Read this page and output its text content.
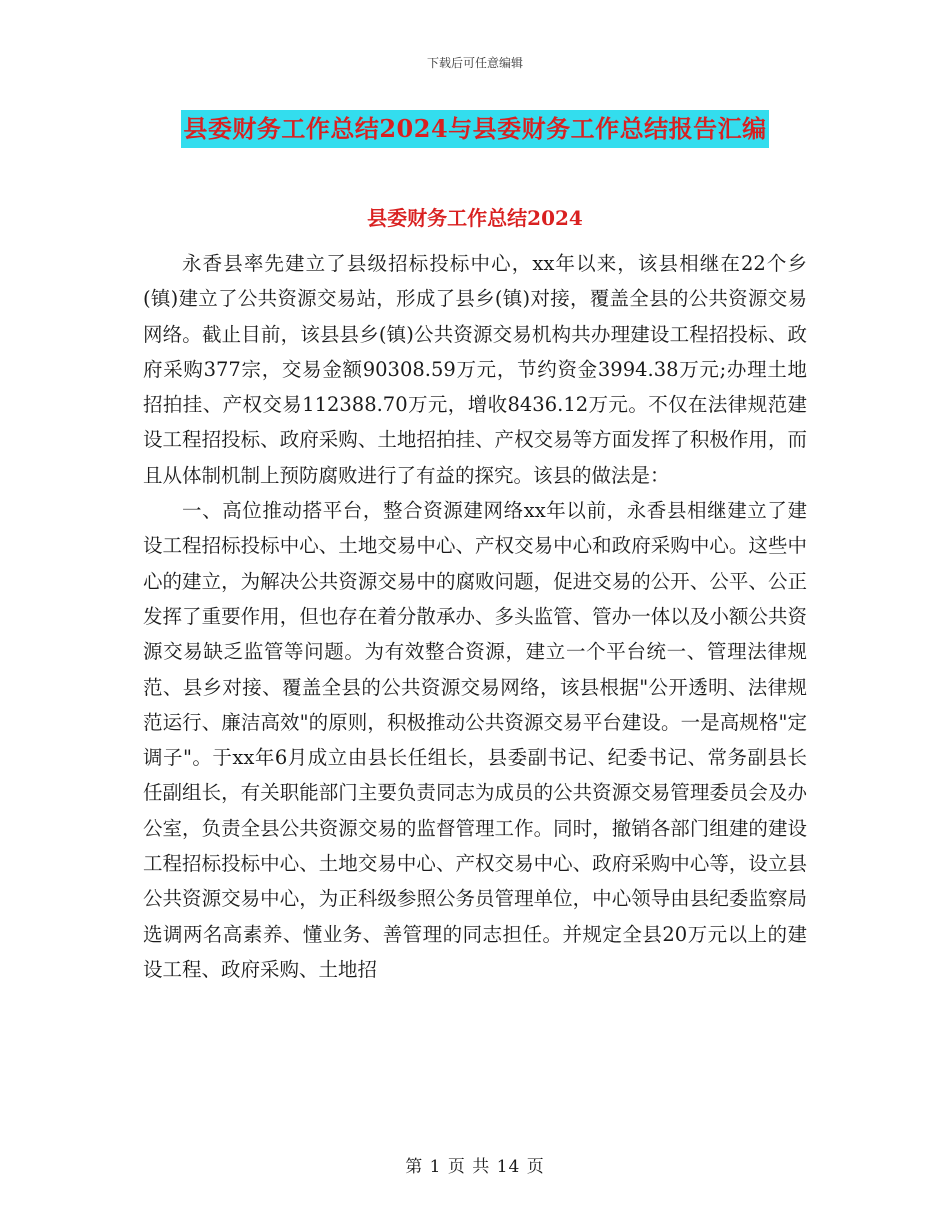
下载后可任意编辑
县委财务工作总结2024与县委财务工作总结报告汇编
县委财务工作总结2024

永香县率先建立了县级招标投标中心，xx年以来，该县相继在22个乡(镇)建立了公共资源交易站，形成了县乡(镇)对接，覆盖全县的公共资源交易网络。截止目前，该县县乡(镇)公共资源交易机构共办理建设工程招投标、政府采购377宗，交易金额90308.59万元，节约资金3994.38万元;办理土地招拍挂、产权交易112388.70万元，增收8436.12万元。不仅在法律规范建设工程招投标、政府采购、土地招拍挂、产权交易等方面发挥了积极作用，而且从体制机制上预防腐败进行了有益的探究。该县的做法是：

一、高位推动搭平台，整合资源建网络xx年以前，永香县相继建立了建设工程招标投标中心、土地交易中心、产权交易中心和政府采购中心。这些中心的建立，为解决公共资源交易中的腐败问题，促进交易的公开、公平、公正发挥了重要作用，但也存在着分散承办、多头监管、管办一体以及小额公共资源交易缺乏监管等问题。为有效整合资源，建立一个平台统一、管理法律规范、县乡对接、覆盖全县的公共资源交易网络，该县根据"公开透明、法律规范运行、廉洁高效"的原则，积极推动公共资源交易平台建设。一是高规格"定调子"。于xx年6月成立由县长任组长，县委副书记、纪委书记、常务副县长任副组长，有关职能部门主要负责同志为成员的公共资源交易管理委员会及办公室，负责全县公共资源交易的监督管理工作。同时，撤销各部门组建的建设工程招标投标中心、土地交易中心、产权交易中心、政府采购中心等，设立县公共资源交易中心，为正科级参照公务员管理单位，中心领导由县纪委监察局选调两名高素养、懂业务、善管理的同志担任。并规定全县20万元以上的建设工程、政府采购、土地招

第 1 页 共 14 页
